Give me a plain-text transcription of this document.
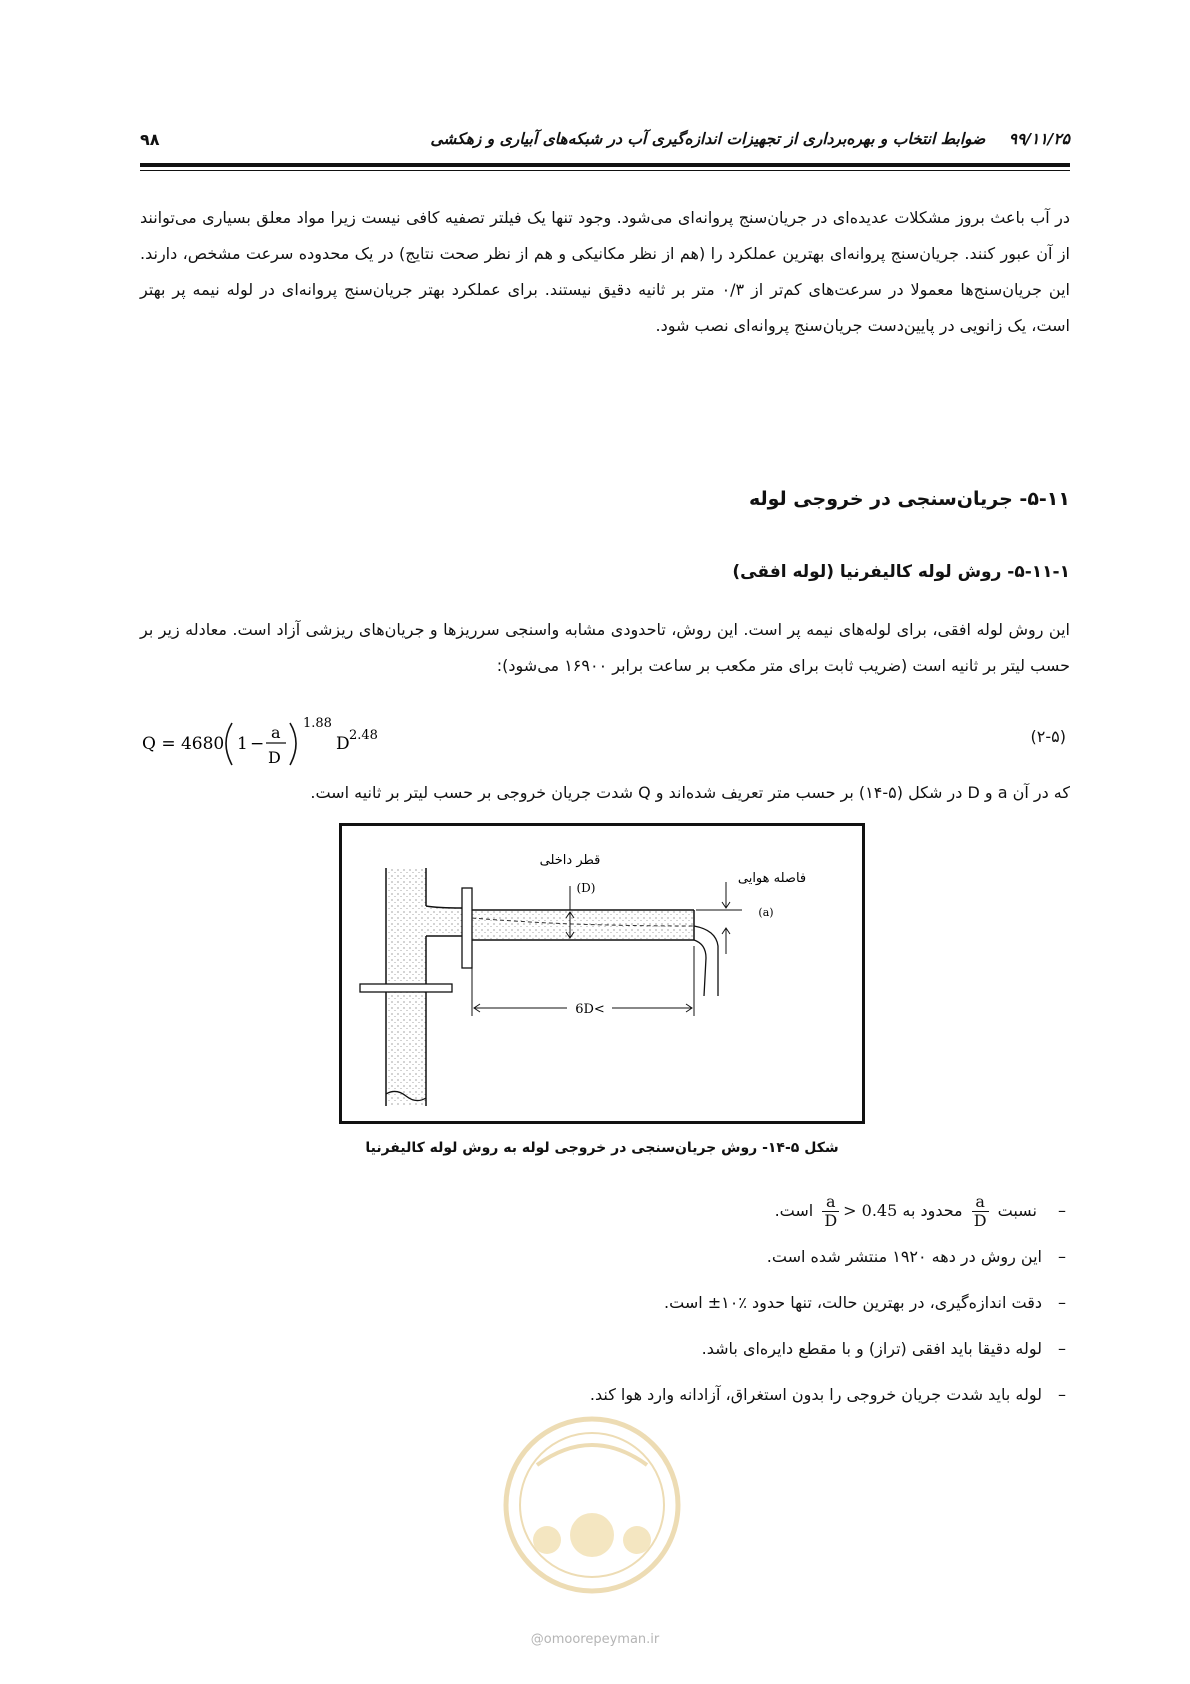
۹۹/۱۱/۲۵ ضوابط انتخاب و بهره‌برداری از تجهیزات اندازه‌گیری آب در شبکه‌های آبیاری و زهکشی
۹۸
در آب باعث بروز مشکلات عدیده‌ای در جریان‌سنج پروانه‌ای می‌شود. وجود تنها یک فیلتر تصفیه کافی نیست زیرا مواد معلق بسیاری می‌توانند از آن عبور کنند. جریان‌سنج پروانه‌ای بهترین عملکرد را (هم از نظر مکانیکی و هم از نظر صحت نتایج) در یک محدوده سرعت مشخص، دارند. این جریان‌سنج‌ها معمولا در سرعت‌های کم‌تر از ۰/۳ متر بر ثانیه دقیق نیستند. برای عملکرد بهتر جریان‌سنج پروانه‌ای در لوله نیمه پر بهتر است، یک زانویی در پایین‌دست جریان‌سنج پروانه‌ای نصب شود.
۵-۱۱- جریان‌سنجی در خروجی لوله
۵-۱۱-۱- روش لوله کالیفرنیا (لوله افقی)
این روش لوله افقی، برای لوله‌های نیمه پر است. این روش، تاحدودی مشابه واسنجی سرریزها و جریان‌های ریزشی آزاد است. معادله زیر بر حسب لیتر بر ثانیه است (ضریب ثابت برای متر مکعب بر ساعت برابر ۱۶۹۰۰ می‌شود):
Q = 4680 1 −
a
D
1.88
D 2.48	(۲-۵)
که در آن a و D در شکل (۵-۱۴) بر حسب متر تعریف شده‌اند و Q شدت جریان خروجی بر حسب لیتر بر ثانیه است.
قطر داخلی
(D)
فاصله هوایی
(a)
6D<
شکل ۵-۱۴- روش جریان‌سنجی در خروجی لوله به روش لوله کالیفرنیا
– نسبت
$\frac{a}{D}$
محدود به
$\frac{a}{D} > 0.45$ است.
–این روش در دهه ۱۹۲۰ منتشر شده است.
–دقت اندازه‌گیری، در بهترین حالت، تنها حدود ٪۱۰± است.
–لوله دقیقا باید افقی (تراز) و با مقطع دایره‌ای باشد.
–لوله باید شدت جریان خروجی را بدون استغراق، آزادانه وارد هوا کند.
@omoorepeyman.ir
